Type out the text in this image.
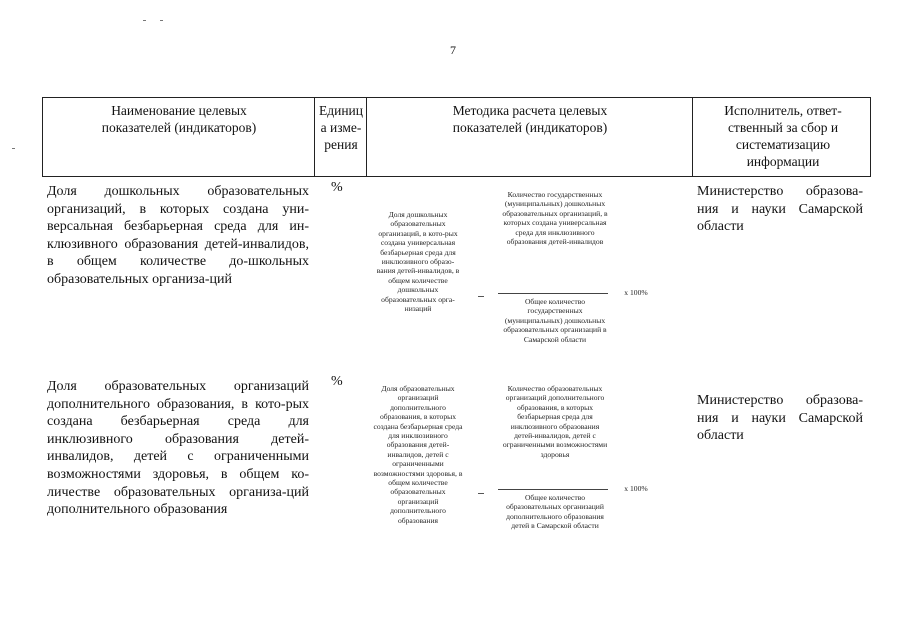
7
Наименование целевых показателей (индикаторов)
Единица изме-рения
Методика расчета целевых показателей (индикаторов)
Исполнитель, ответ-ственный за сбор и систематизацию информации
Доля дошкольных образовательных организаций, в которых создана уни-версальная безбарьерная среда для ин-клюзивного образования детей-инвалидов, в общем количестве до-школьных образовательных организа-ций
%
Доля дошкольных образовательных организаций, в кото-рых создана универсальная безбарьерная среда для инклюзивного образо-вания детей-инвалидов, в общем количестве дошкольных образовательных орга-низаций
Количество государственных (муниципальных) дошкольных образовательных организаций, в которых создана универсальная среда для инклюзивного образования детей-инвалидов
Общее количество государственных (муниципальных) дошкольных образовательных организаций в Самарской области
x 100%
Министерство образова-ния и науки Самарской области
Доля образовательных организаций дополнительного образования, в кото-рых создана безбарьерная среда для инклюзивного образования детей-инвалидов, детей с ограниченными возможностями здоровья, в общем ко-личестве образовательных организа-ций дополнительного образования
%	Доля образовательных организаций дополнительного образования, в которых создана безбарьерная среда для инклюзивного образования детей-инвалидов, детей с ограниченными возможностями здоровья, в общем количестве образовательных организаций дополнительного образования
Количество образовательных организаций дополнительного образования, в которых безбарьерная среда для инклюзивного образования детей-инвалидов, детей с ограниченными возможностями здоровья
Общее количество образовательных организаций дополнительного образования детей в Самарской области
x 100%
Министерство образова-ния и науки Самарской области
